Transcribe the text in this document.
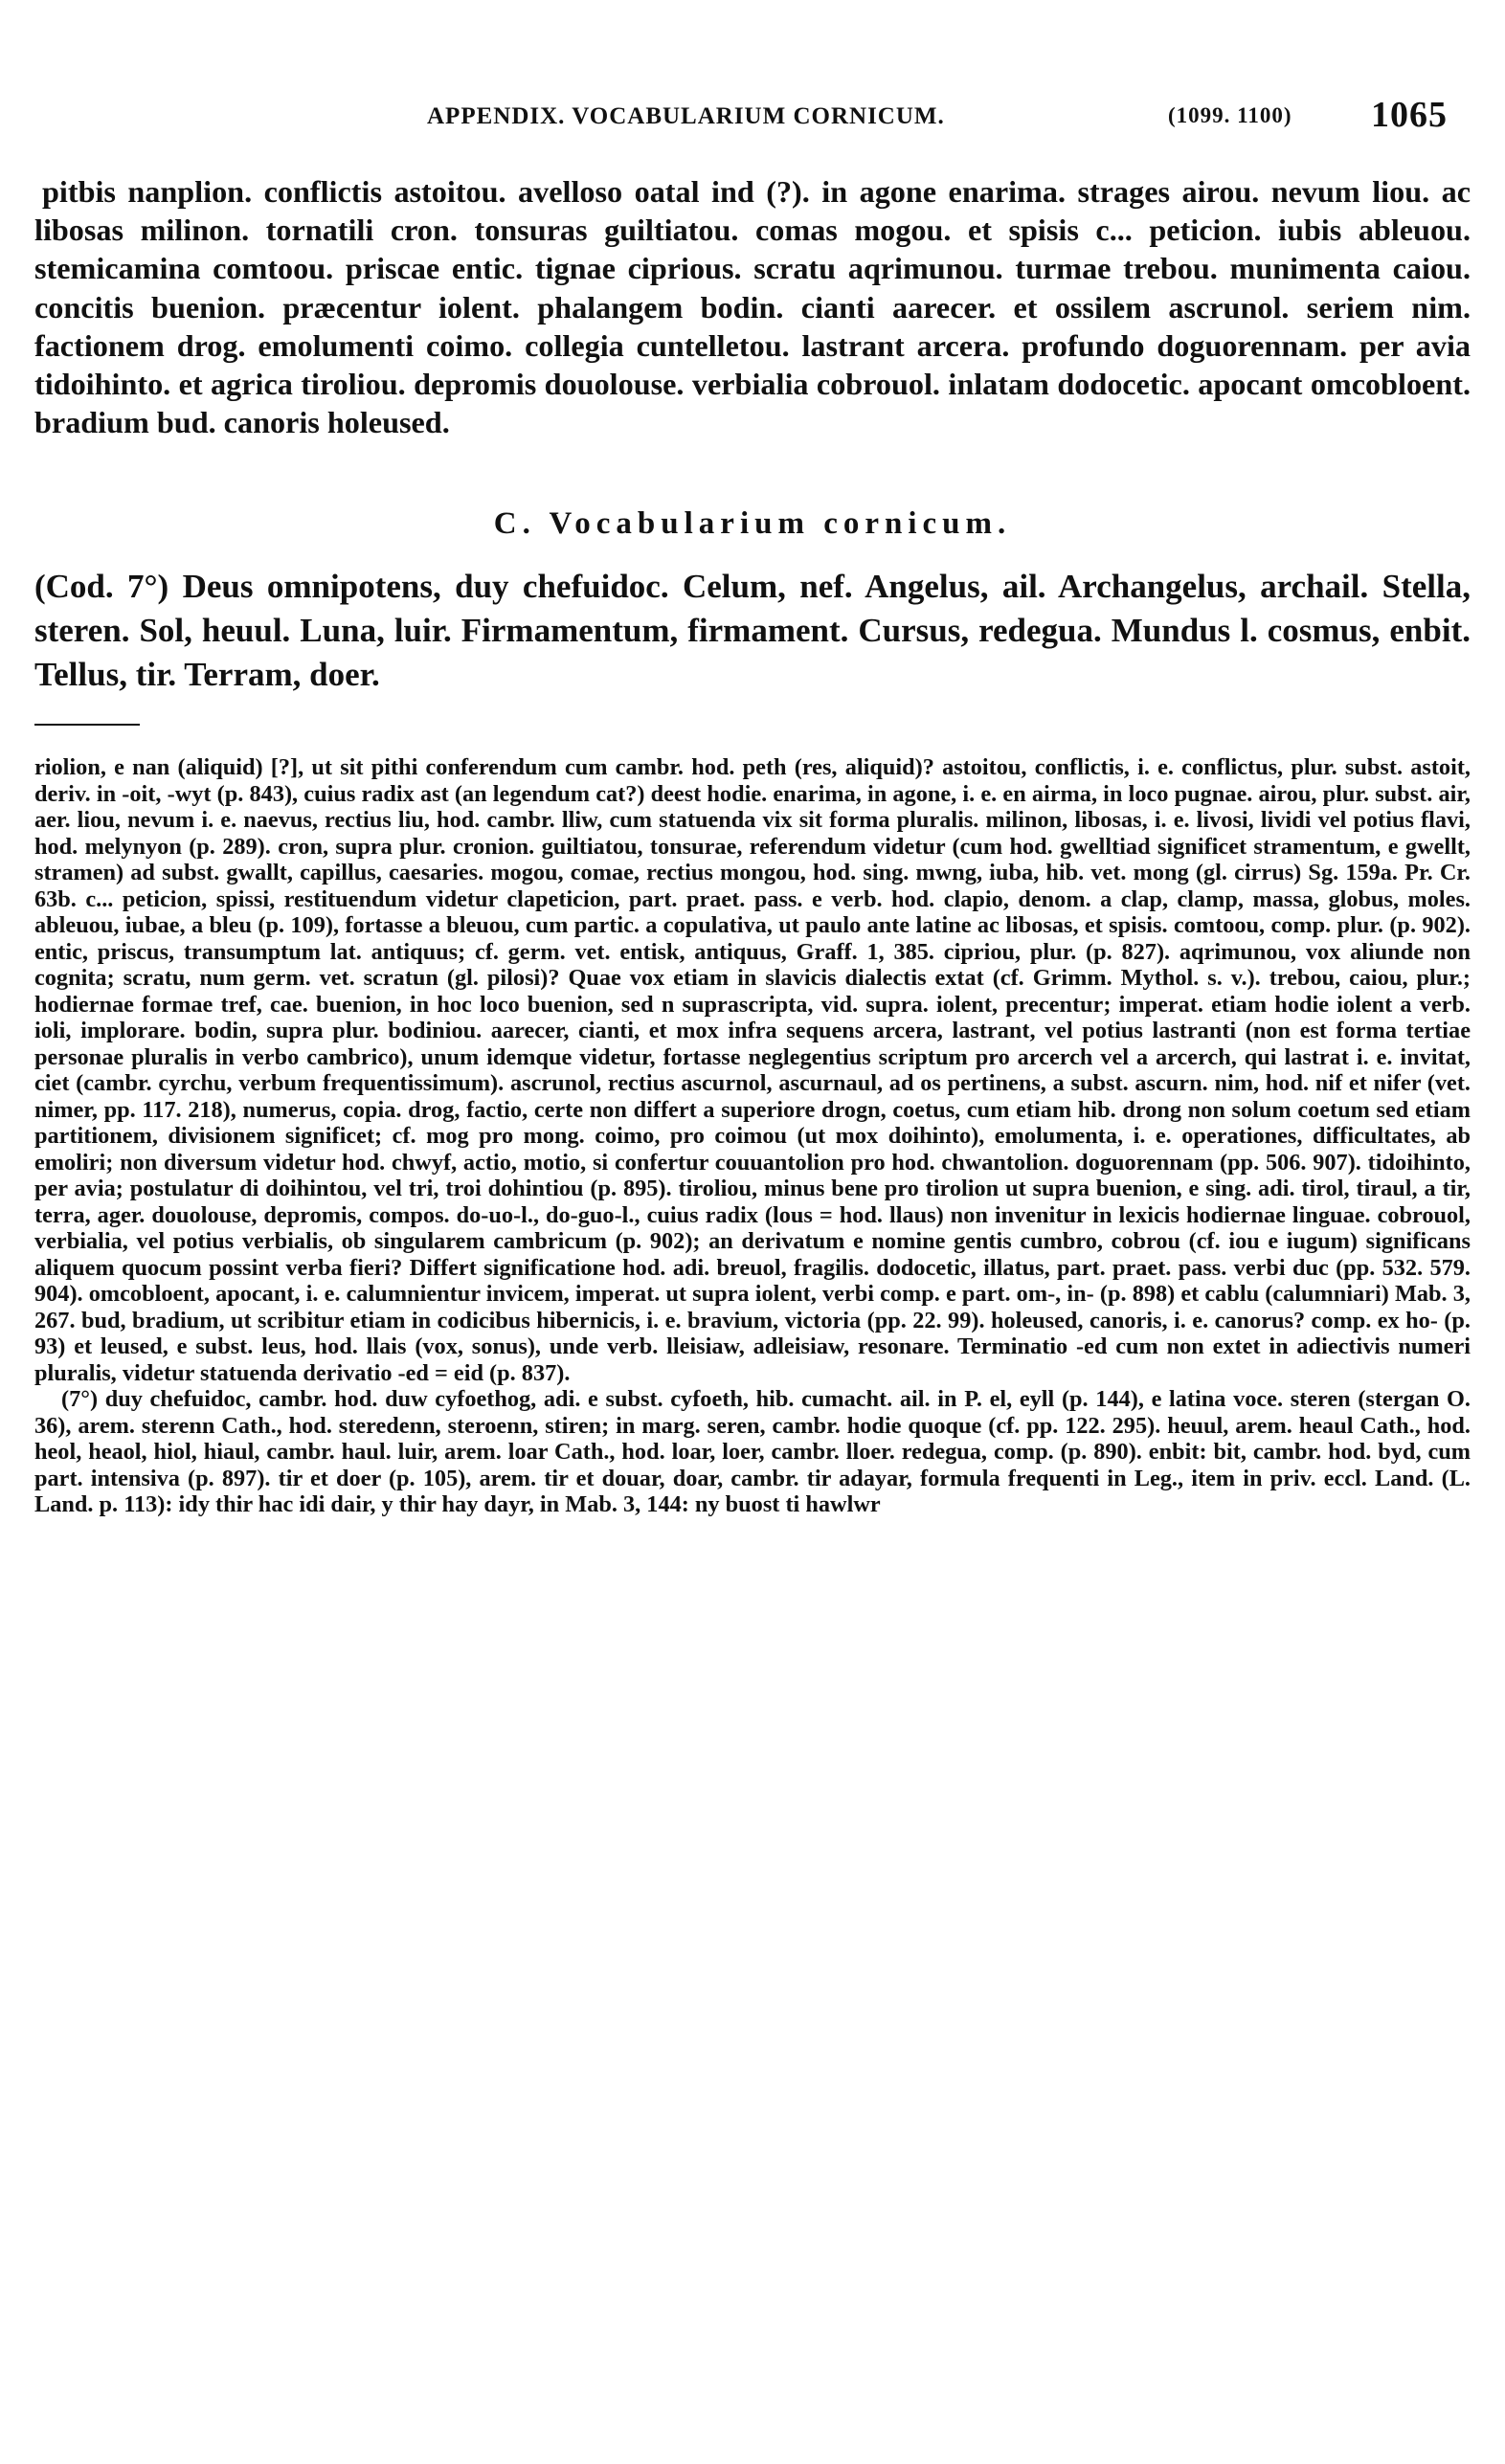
APPENDIX. VOCABULARIUM CORNICUM.	(1099. 1100) 1065

pitbis nanplion. conflictis astoitou. avelloso oatal ind (?). in agone enarima. strages airou. nevum liou. ac libosas milinon. tornatili cron. tonsuras guiltiatou. comas mogou. et spisis c... peticion. iubis ableuou. stemicamina comtoou. priscae entic. tignae ciprious. scratu aqrimunou. turmae trebou. munimenta caiou. concitis buenion. præcentur iolent. phalangem bodin. cianti aarecer. et ossilem ascrunol. seriem nim. factionem drog. emolumenti coimo. collegia cuntelletou. lastrant arcera. profundo doguorennam. per avia tidoihinto. et agrica tiroliou. depromis douolouse. verbialia cobrouol. inlatam dodocetic. apocant omcobloent. bradium bud. canoris holeused.

C. Vocabularium cornicum.
(Cod. 7°) Deus omnipotens, duy chefuidoc. Celum, nef. Angelus, ail. Archangelus, archail. Stella, steren. Sol, heuul. Luna, luir. Firmamentum, firmament. Cursus, redegua. Mundus l. cosmus, enbit. Tellus, tir. Terram, doer.

riolion, e nan (aliquid) [?], ut sit pithi conferendum cum cambr. hod. peth (res, aliquid)? astoitou, conflictis, i. e. conflictus, plur. subst. astoit, deriv. in -oit, -wyt (p. 843), cuius radix ast (an legendum cat?) deest hodie. enarima, in agone, i. e. en airma, in loco pugnae. airou, plur. subst. air, aer. liou, nevum i. e. naevus, rectius liu, hod. cambr. lliw, cum statuenda vix sit forma pluralis. milinon, libosas, i. e. livosi, lividi vel potius flavi, hod. melynyon (p. 289). cron, supra plur. cronion. guiltiatou, tonsurae, referendum videtur (cum hod. gwelltiad significet stramentum, e gwellt, stramen) ad subst. gwallt, capillus, caesaries. mogou, comae, rectius mongou, hod. sing. mwng, iuba, hib. vet. mong (gl. cirrus) Sg. 159a. Pr. Cr. 63b. c... peticion, spissi, restituendum videtur clapeticion, part. praet. pass. e verb. hod. clapio, denom. a clap, clamp, massa, globus, moles. ableuou, iubae, a bleu (p. 109), fortasse a bleuou, cum partic. a copulativa, ut paulo ante latine ac libosas, et spisis. comtoou, comp. plur. (p. 902). entic, priscus, transumptum lat. antiquus; cf. germ. vet. entisk, antiquus, Graff. 1, 385. cipriou, plur. (p. 827). aqrimunou, vox aliunde non cognita; scratu, num germ. vet. scratun (gl. pilosi)? Quae vox etiam in slavicis dialectis extat (cf. Grimm. Mythol. s. v.). trebou, caiou, plur.; hodiernae formae tref, cae. buenion, in hoc loco buenion, sed n suprascripta, vid. supra. iolent, precentur; imperat. etiam hodie iolent a verb. ioli, implorare. bodin, supra plur. bodiniou. aarecer, cianti, et mox infra sequens arcera, lastrant, vel potius lastranti (non est forma tertiae personae pluralis in verbo cambrico), unum idemque videtur, fortasse neglegentius scriptum pro arcerch vel a arcerch, qui lastrat i. e. invitat, ciet (cambr. cyrchu, verbum frequentissimum). ascrunol, rectius ascurnol, ascurnaul, ad os pertinens, a subst. ascurn. nim, hod. nif et nifer (vet. nimer, pp. 117. 218), numerus, copia. drog, factio, certe non differt a superiore drogn, coetus, cum etiam hib. drong non solum coetum sed etiam partitionem, divisionem significet; cf. mog pro mong. coimo, pro coimou (ut mox doihinto), emolumenta, i. e. operationes, difficultates, ab emoliri; non diversum videtur hod. chwyf, actio, motio, si confertur couuantolion pro hod. chwantolion. doguorennam (pp. 506. 907). tidoihinto, per avia; postulatur di doihintou, vel tri, troi dohintiou (p. 895). tiroliou, minus bene pro tirolion ut supra buenion, e sing. adi. tirol, tiraul, a tir, terra, ager. douolouse, depromis, compos. do-uo-l., do-guo-l., cuius radix (lous = hod. llaus) non invenitur in lexicis hodiernae linguae. cobrouol, verbialia, vel potius verbialis, ob singularem cambricum (p. 902); an derivatum e nomine gentis cumbro, cobrou (cf. iou e iugum) significans aliquem quocum possint verba fieri? Differt significatione hod. adi. breuol, fragilis. dodocetic, illatus, part. praet. pass. verbi duc (pp. 532. 579. 904). omcobloent, apocant, i. e. calumnientur invicem, imperat. ut supra iolent, verbi comp. e part. om-, in- (p. 898) et cablu (calumniari) Mab. 3, 267. bud, bradium, ut scribitur etiam in codicibus hibernicis, i. e. bravium, victoria (pp. 22. 99). holeused, canoris, i. e. canorus? comp. ex ho- (p. 93) et leused, e subst. leus, hod. llais (vox, sonus), unde verb. lleisiaw, adleisiaw, resonare. Terminatio -ed cum non extet in adiectivis numeri pluralis, videtur statuenda derivatio -ed = eid (p. 837).

(7°) duy chefuidoc, cambr. hod. duw cyfoethog, adi. e subst. cyfoeth, hib. cumacht. ail. in P. el, eyll (p. 144), e latina voce. steren (stergan O. 36), arem. sterenn Cath., hod. steredenn, steroenn, stiren; in marg. seren, cambr. hodie quoque (cf. pp. 122. 295). heuul, arem. heaul Cath., hod. heol, heaol, hiol, hiaul, cambr. haul. luir, arem. loar Cath., hod. loar, loer, cambr. lloer. redegua, comp. (p. 890). enbit: bit, cambr. hod. byd, cum part. intensiva (p. 897). tir et doer (p. 105), arem. tir et douar, doar, cambr. tir adayar, formula frequenti in Leg., item in priv. eccl. Land. (L. Land. p. 113): idy thir hac idi dair, y thir hay dayr, in Mab. 3, 144: ny buost ti hawlwr
